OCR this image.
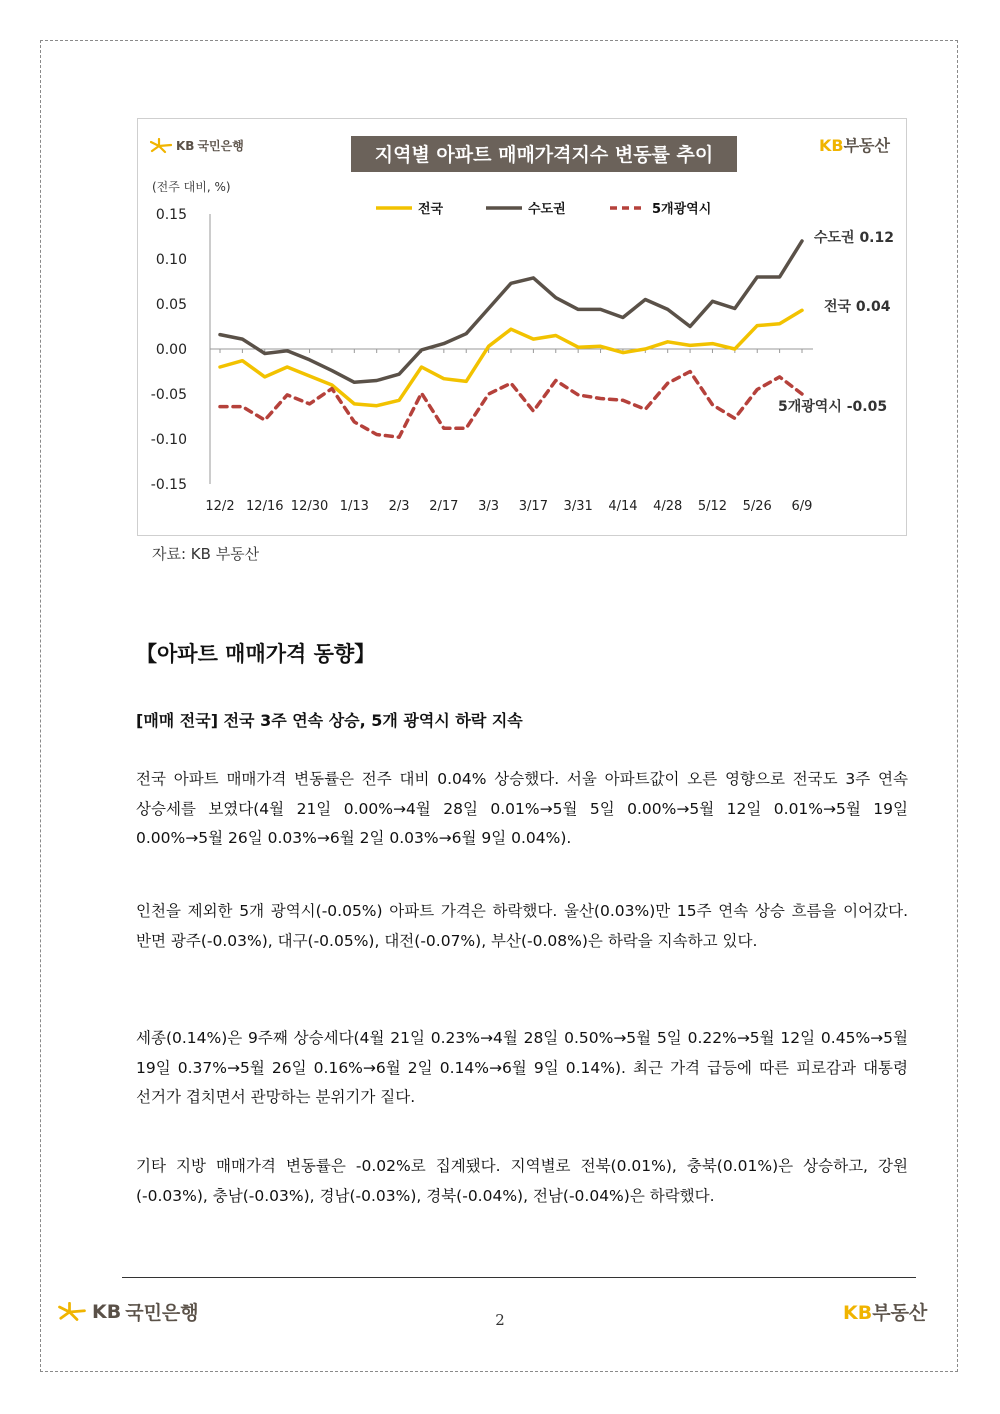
KB 국민은행	KB부동산
지역별 아파트 매매가격지수 변동률 추이
(전주 대비, %)
0.15
0.10
0.05
0.00
-0.05
-0.10
-0.15
12/2 12/16 12/30 1/13 2/3 2/17 3/3 3/17 3/31 4/14 4/28 5/12 5/26 6/9
전국	수도권	5개광역시
전국 0.04
수도권 0.12
5개광역시 -0.05
자료: KB 부동산
【아파트 매매가격 동향】
[매매 전국] 전국 3주 연속 상승, 5개 광역시 하락 지속

전국 아파트 매매가격 변동률은 전주 대비 0.04% 상승했다. 서울 아파트값이 오른 영향으로 전국도 3주 연속 상승세를 보였다(4월 21일 0.00%→4월 28일 0.01%→5월 5일 0.00%→5월 12일 0.01%→5월 19일 0.00%→5월 26일 0.03%→6월 2일 0.03%→6월 9일 0.04%).

인천을 제외한 5개 광역시(-0.05%) 아파트 가격은 하락했다. 울산(0.03%)만 15주 연속 상승 흐름을 이어갔다. 반면 광주(-0.03%), 대구(-0.05%), 대전(-0.07%), 부산(-0.08%)은 하락을 지속하고 있다.

세종(0.14%)은 9주째 상승세다(4월 21일 0.23%→4월 28일 0.50%→5월 5일 0.22%→5월 12일 0.45%→5월 19일 0.37%→5월 26일 0.16%→6월 2일 0.14%→6월 9일 0.14%). 최근 가격 급등에 따른 피로감과 대통령 선거가 겹치면서 관망하는 분위기가 짙다.

기타 지방 매매가격 변동률은 -0.02%로 집계됐다. 지역별로 전북(0.01%), 충북(0.01%)은 상승하고, 강원(-0.03%), 충남(-0.03%), 경남(-0.03%), 경북(-0.04%), 전남(-0.04%)은 하락했다.

KB 국민은행	2	KB부동산
